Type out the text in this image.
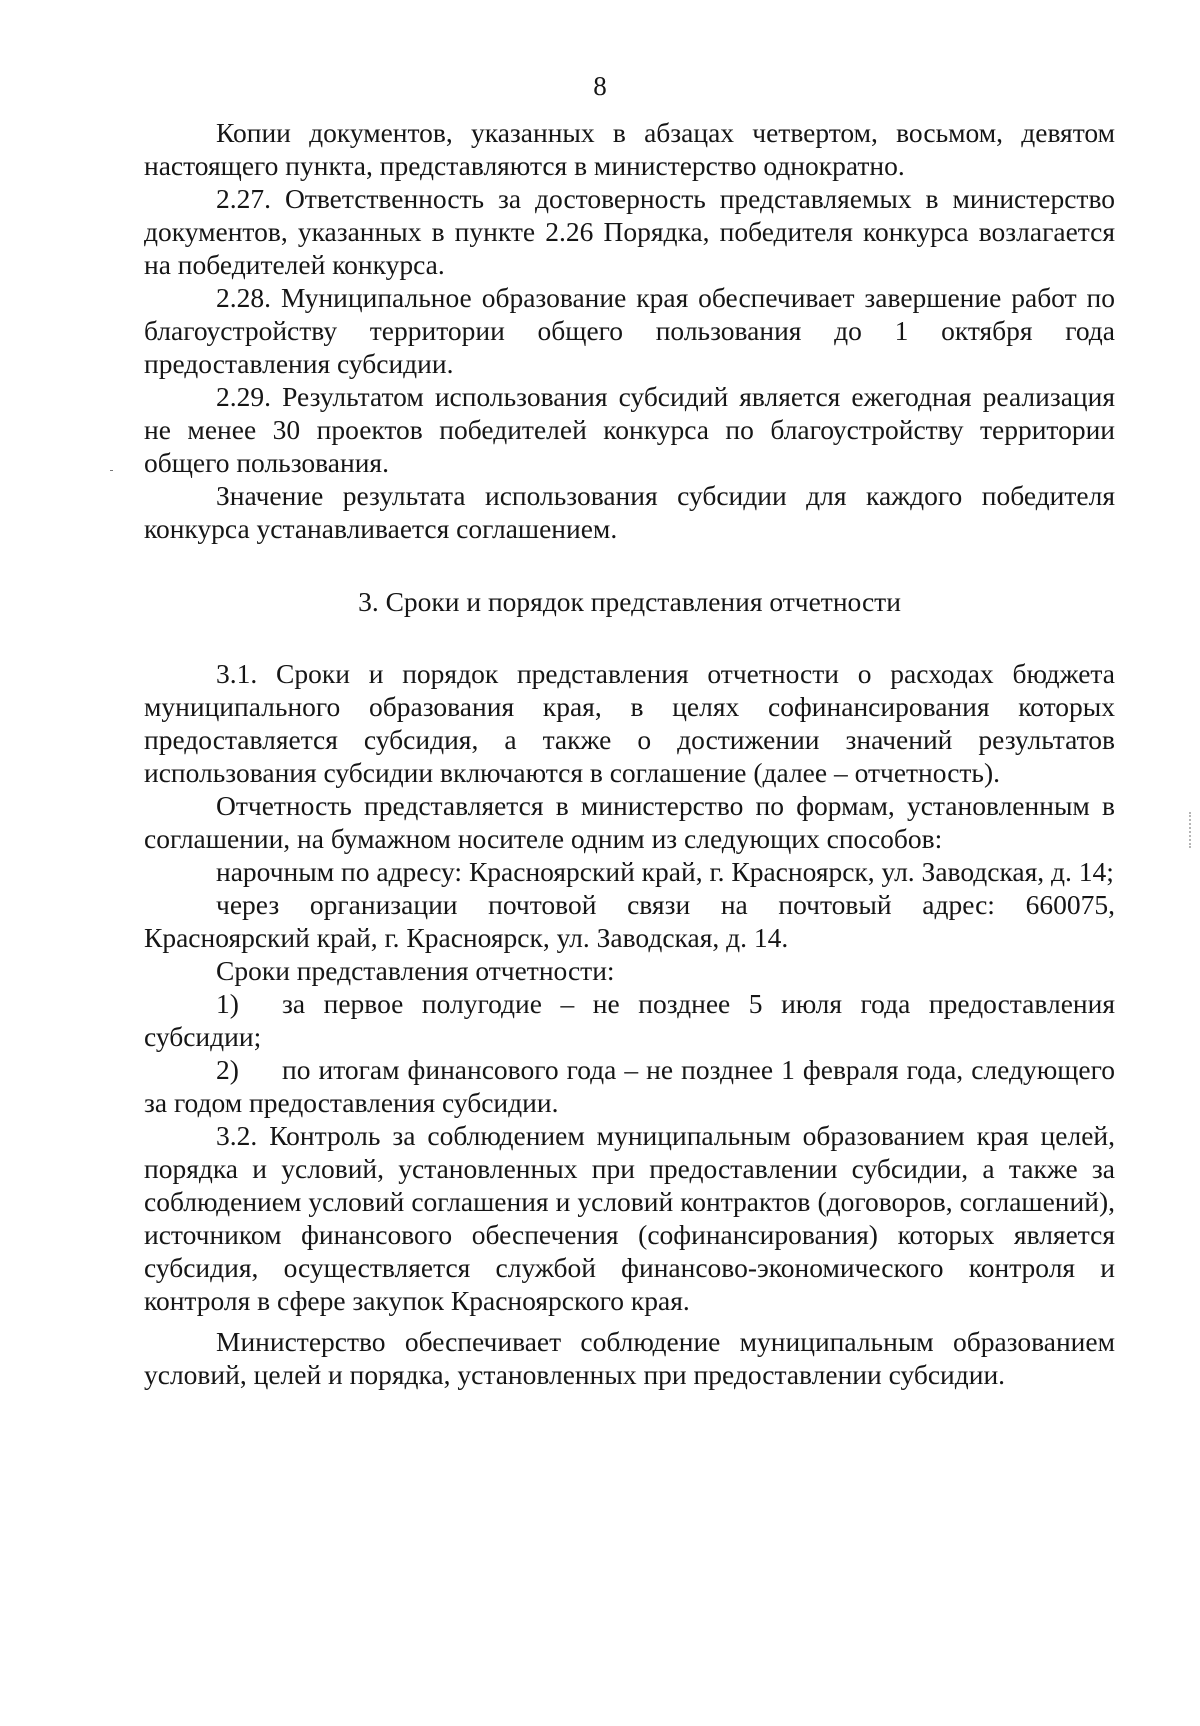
8

Копии документов, указанных в абзацах четвертом, восьмом, девятом настоящего пункта, представляются в министерство однократно.

2.27. Ответственность за достоверность представляемых в министерство документов, указанных в пункте 2.26 Порядка, победителя конкурса возлагается на победителей конкурса.

2.28. Муниципальное образование края обеспечивает завершение работ по благоустройству территории общего пользования до 1 октября года предоставления субсидии.

2.29. Результатом использования субсидий является ежегодная реализация не менее 30 проектов победителей конкурса по благоустройству территории общего пользования.

Значение результата использования субсидии для каждого победителя конкурса устанавливается соглашением.

3. Сроки и порядок представления отчетности

3.1. Сроки и порядок представления отчетности о расходах бюджета муниципального образования края, в целях софинансирования которых предоставляется субсидия, а также о достижении значений результатов использования субсидии включаются в соглашение (далее – отчетность).

Отчетность представляется в министерство по формам, установленным в соглашении, на бумажном носителе одним из следующих способов:

нарочным по адресу: Красноярский край, г. Красноярск, ул. Заводская, д. 14;

через организации почтовой связи на почтовый адрес: 660075, Красноярский край, г. Красноярск, ул. Заводская, д. 14.

Сроки представления отчетности:

1) за первое полугодие – не позднее 5 июля года предоставления субсидии;

2) по итогам финансового года – не позднее 1 февраля года, следующего за годом предоставления субсидии.

3.2. Контроль за соблюдением муниципальным образованием края целей, порядка и условий, установленных при предоставлении субсидии, а также за соблюдением условий соглашения и условий контрактов (договоров, соглашений), источником финансового обеспечения (софинансирования) которых является субсидия, осуществляется службой финансово-экономического контроля и контроля в сфере закупок Красноярского края.

Министерство обеспечивает соблюдение муниципальным образованием условий, целей и порядка, установленных при предоставлении субсидии.
